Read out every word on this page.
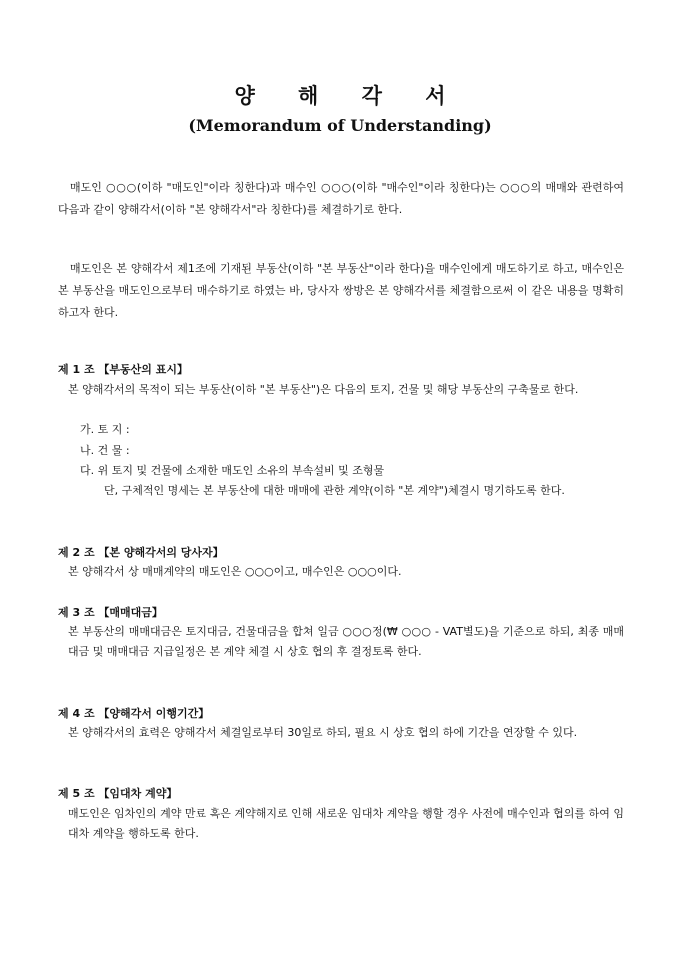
양 해 각 서
(Memorandum of Understanding)
매도인 ○○○(이하 "매도인"이라 칭한다)과 매수인 ○○○(이하 "매수인"이라 칭한다)는 ○○○의 매매와 관련하여 다음과 같이 양해각서(이하 "본 양해각서"라 칭한다)를 체결하기로 한다.
매도인은 본 양해각서 제1조에 기재된 부동산(이하 "본 부동산"이라 한다)을 매수인에게 매도하기로 하고, 매수인은 본 부동산을 매도인으로부터 매수하기로 하였는 바, 당사자 쌍방은 본 양해각서를 체결함으로써 이 같은 내용을 명확히 하고자 한다.
제 1 조 【부동산의 표시】
본 양해각서의 목적이 되는 부동산(이하 "본 부동산")은 다음의 토지, 건물 및 해당 부동산의 구축물로 한다.
가. 토 지 :
나. 건 물 :
다. 위 토지 및 건물에 소재한 매도인 소유의 부속설비 및 조형물
단, 구체적인 명세는 본 부동산에 대한 매매에 관한 계약(이하 "본 계약")체결시 명기하도록 한다.
제 2 조 【본 양해각서의 당사자】
본 양해각서 상 매매계약의 매도인은 ○○○이고, 매수인은 ○○○이다.
제 3 조 【매매대금】
본 부동산의 매매대금은 토지대금, 건물대금을 합쳐 일금 ○○○정(₩ ○○○ - VAT별도)을 기준으로 하되, 최종 매매대금 및 매매대금 지급일정은 본 계약 체결 시 상호 협의 후 결정토록 한다.
제 4 조 【양해각서 이행기간】
본 양해각서의 효력은 양해각서 체결일로부터 30일로 하되, 필요 시 상호 협의 하에 기간을 연장할 수 있다.
제 5 조 【임대차 계약】
매도인은 임차인의 계약 만료 혹은 계약해지로 인해 새로운 임대차 계약을 행할 경우 사전에 매수인과 협의를 하여 임대차 계약을 행하도록 한다.
